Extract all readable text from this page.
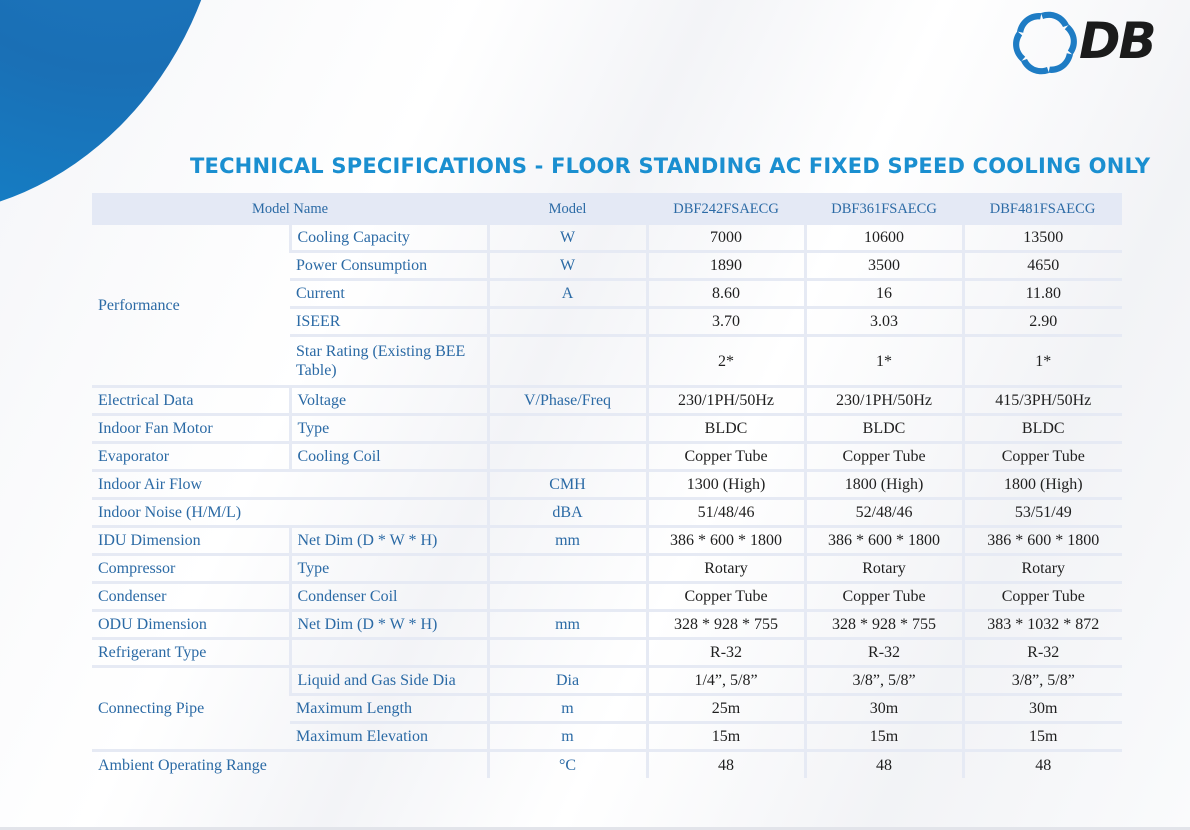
DB
TECHNICAL SPECIFICATIONS - FLOOR STANDING AC FIXED SPEED COOLING ONLY
Model Name		Model	DBF242FSAECG	DBF361FSAECG	DBF481FSAECG
Performance	Cooling Capacity	W	7000	10600	13500
	Power Consumption	W	1890	3500	4650
	Current	A	8.60	16	11.80
	ISEER		3.70	3.03	2.90
	Star Rating (Existing BEE Table)		2*	1*	1*
Electrical Data	Voltage	V/Phase/Freq	230/1PH/50Hz	230/1PH/50Hz	415/3PH/50Hz
Indoor Fan Motor	Type		BLDC	BLDC	BLDC
Evaporator	Cooling Coil		Copper Tube	Copper Tube	Copper Tube
Indoor Air Flow		CMH	1300 (High)	1800 (High)	1800 (High)
Indoor Noise (H/M/L)		dBA	51/48/46	52/48/46	53/51/49
IDU Dimension	Net Dim (D * W * H)	mm	386 * 600 * 1800	386 * 600 * 1800	386 * 600 * 1800
Compressor	Type		Rotary	Rotary	Rotary
Condenser	Condenser Coil		Copper Tube	Copper Tube	Copper Tube
ODU Dimension	Net Dim (D * W * H)	mm	328 * 928 * 755	328 * 928 * 755	383 * 1032 * 872
Refrigerant Type			R-32	R-32	R-32
Connecting Pipe	Liquid and Gas Side Dia	Dia	1/4”, 5/8”	3/8”, 5/8”	3/8”, 5/8”
	Maximum Length	m	25m	30m	30m
	Maximum Elevation	m	15m	15m	15m
Ambient Operating Range		°C	48	48	48
